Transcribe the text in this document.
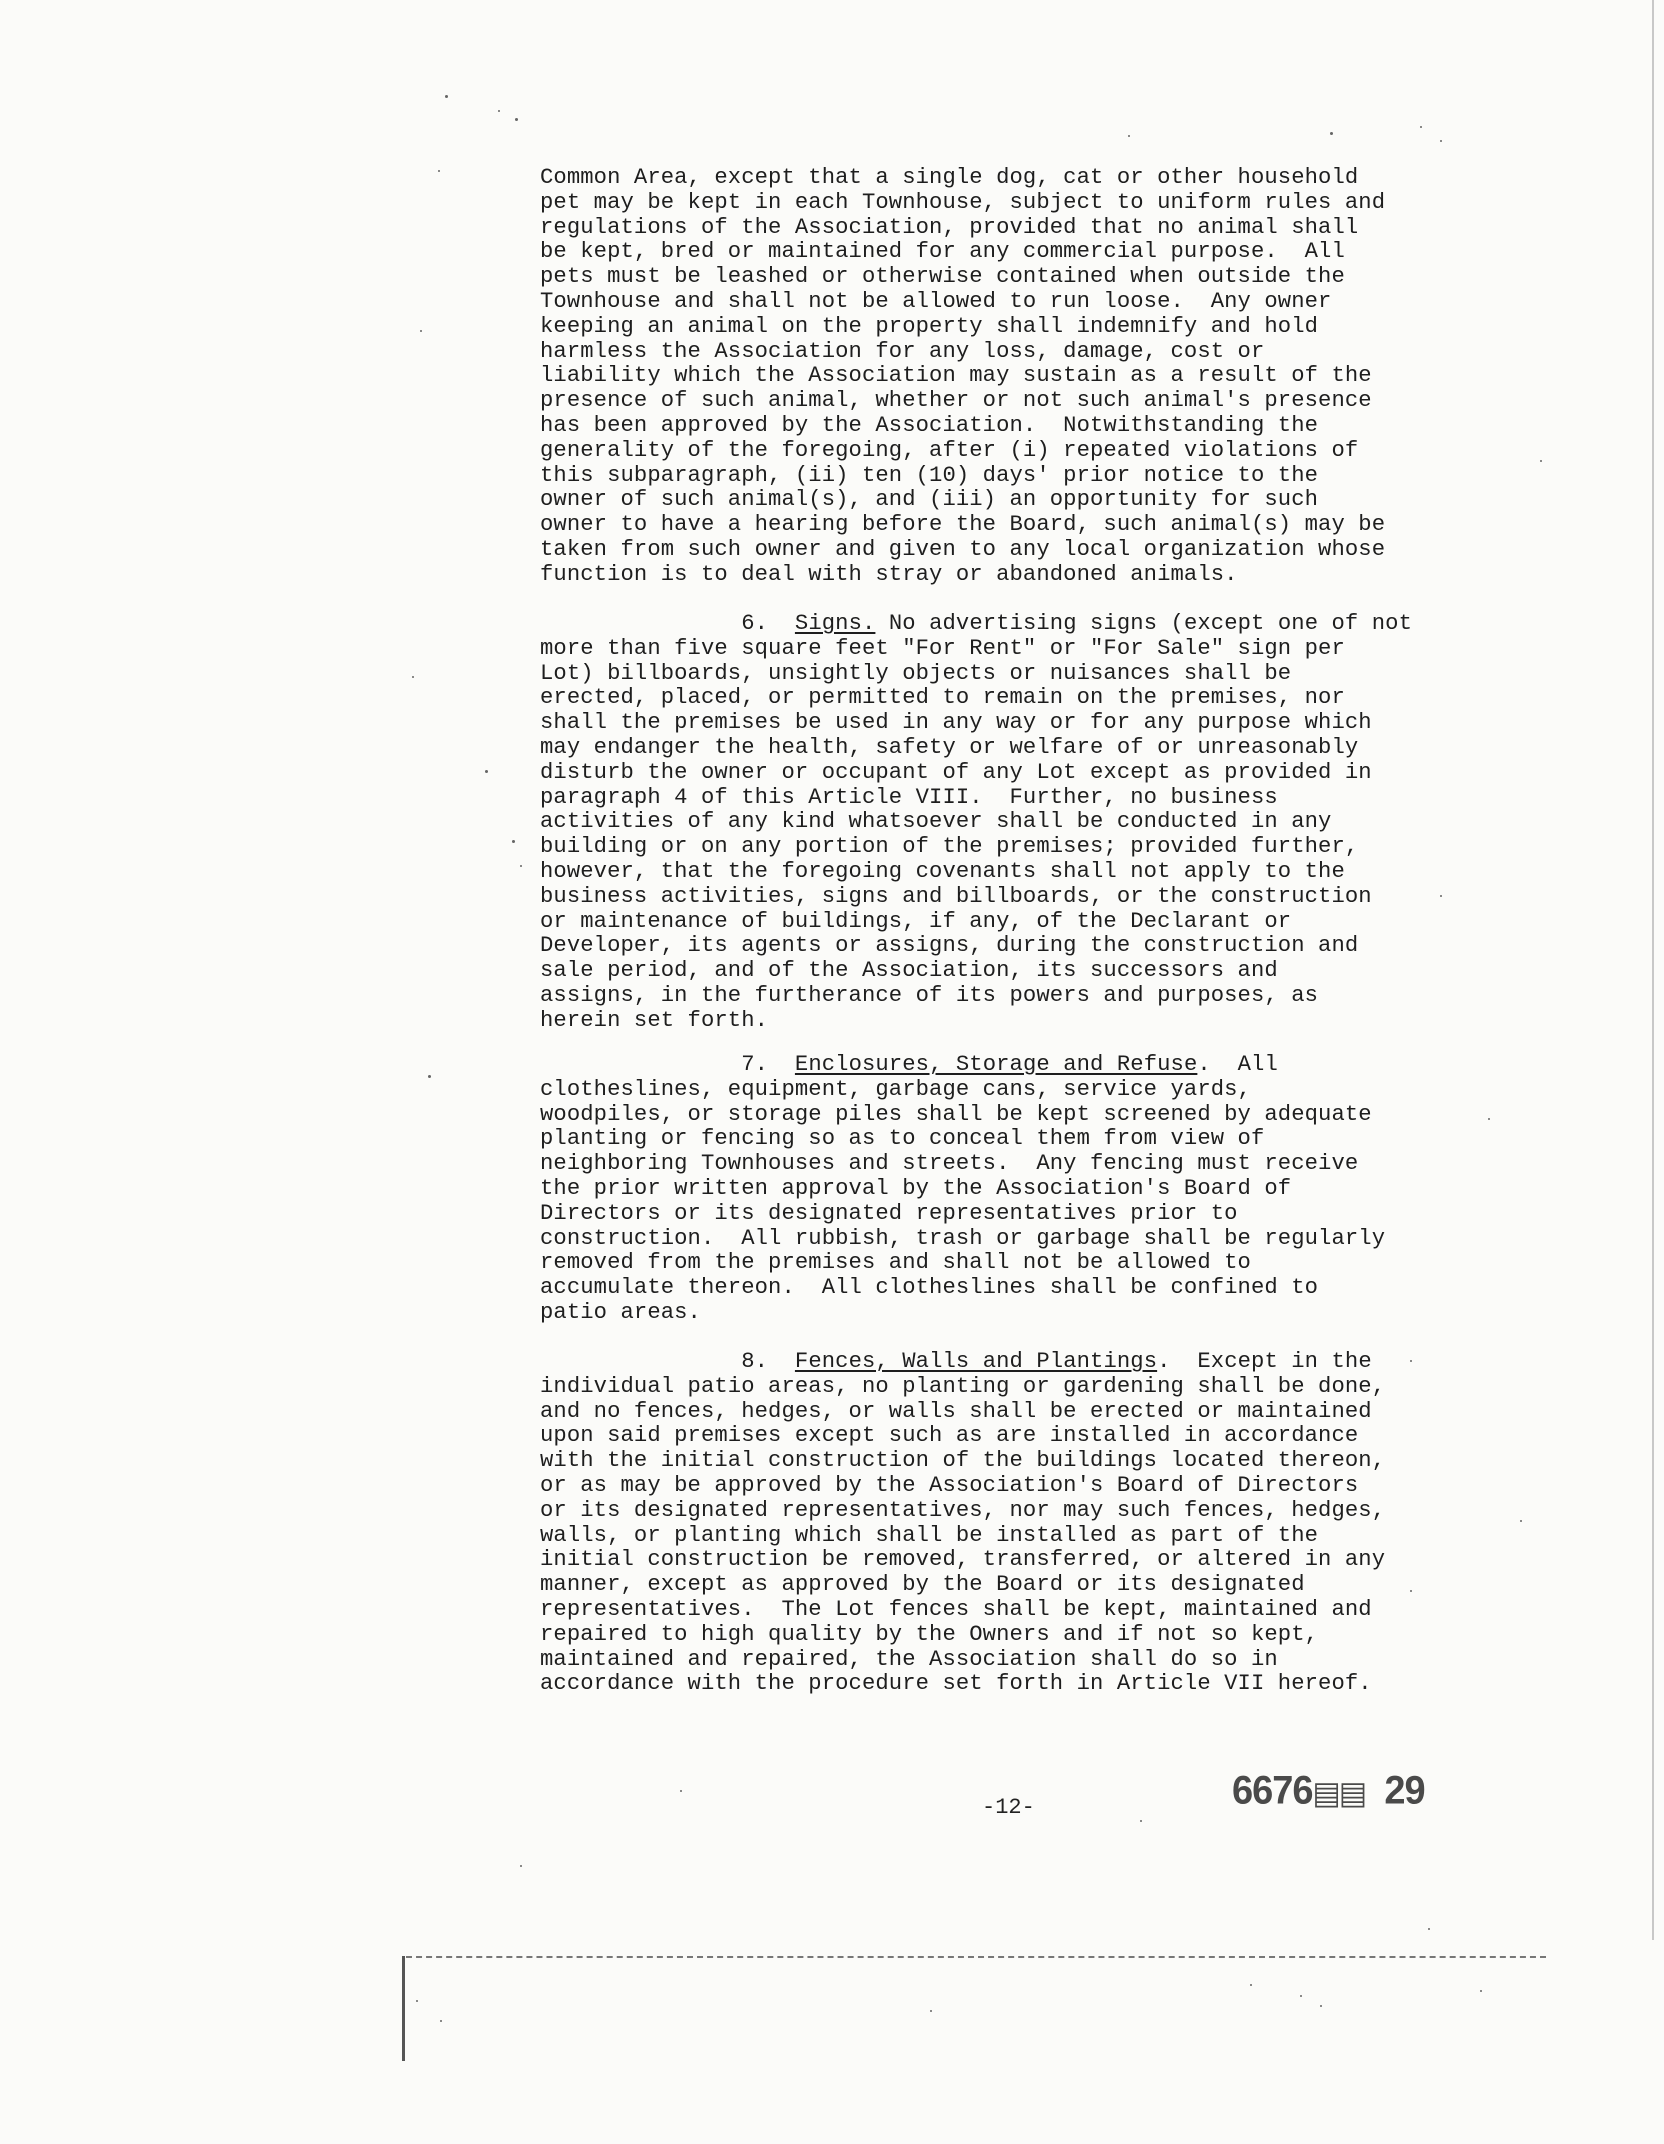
Common Area, except that a single dog, cat or other household
pet may be kept in each Townhouse, subject to uniform rules and
regulations of the Association, provided that no animal shall
be kept, bred or maintained for any commercial purpose.  All
pets must be leashed or otherwise contained when outside the
Townhouse and shall not be allowed to run loose.  Any owner
keeping an animal on the property shall indemnify and hold
harmless the Association for any loss, damage, cost or
liability which the Association may sustain as a result of the
presence of such animal, whether or not such animal's presence
has been approved by the Association.  Notwithstanding the
generality of the foregoing, after (i) repeated violations of
this subparagraph, (ii) ten (10) days' prior notice to the
owner of such animal(s), and (iii) an opportunity for such
owner to have a hearing before the Board, such animal(s) may be
taken from such owner and given to any local organization whose
function is to deal with stray or abandoned animals.
6. Signs. No advertising signs (except one of not
more than five square feet "For Rent" or "For Sale" sign per
Lot) billboards, unsightly objects or nuisances shall be
erected, placed, or permitted to remain on the premises, nor
shall the premises be used in any way or for any purpose which
may endanger the health, safety or welfare of or unreasonably
disturb the owner or occupant of any Lot except as provided in
paragraph 4 of this Article VIII.  Further, no business
activities of any kind whatsoever shall be conducted in any
building or on any portion of the premises; provided further,
however, that the foregoing covenants shall not apply to the
business activities, signs and billboards, or the construction
or maintenance of buildings, if any, of the Declarant or
Developer, its agents or assigns, during the construction and
sale period, and of the Association, its successors and
assigns, in the furtherance of its powers and purposes, as
herein set forth.
7. Enclosures, Storage and Refuse.  All
clotheslines, equipment, garbage cans, service yards,
woodpiles, or storage piles shall be kept screened by adequate
planting or fencing so as to conceal them from view of
neighboring Townhouses and streets.  Any fencing must receive
the prior written approval by the Association's Board of
Directors or its designated representatives prior to
construction.  All rubbish, trash or garbage shall be regularly
removed from the premises and shall not be allowed to
accumulate thereon.  All clotheslines shall be confined to
patio areas.
8. Fences, Walls and Plantings.  Except in the
individual patio areas, no planting or gardening shall be done,
and no fences, hedges, or walls shall be erected or maintained
upon said premises except such as are installed in accordance
with the initial construction of the buildings located thereon,
or as may be approved by the Association's Board of Directors
or its designated representatives, nor may such fences, hedges,
walls, or planting which shall be installed as part of the
initial construction be removed, transferred, or altered in any
manner, except as approved by the Board or its designated
representatives.  The Lot fences shall be kept, maintained and
repaired to high quality by the Owners and if not so kept,
maintained and repaired, the Association shall do so in
accordance with the procedure set forth in Article VII hereof.
-12-	6676▤▤ 29
